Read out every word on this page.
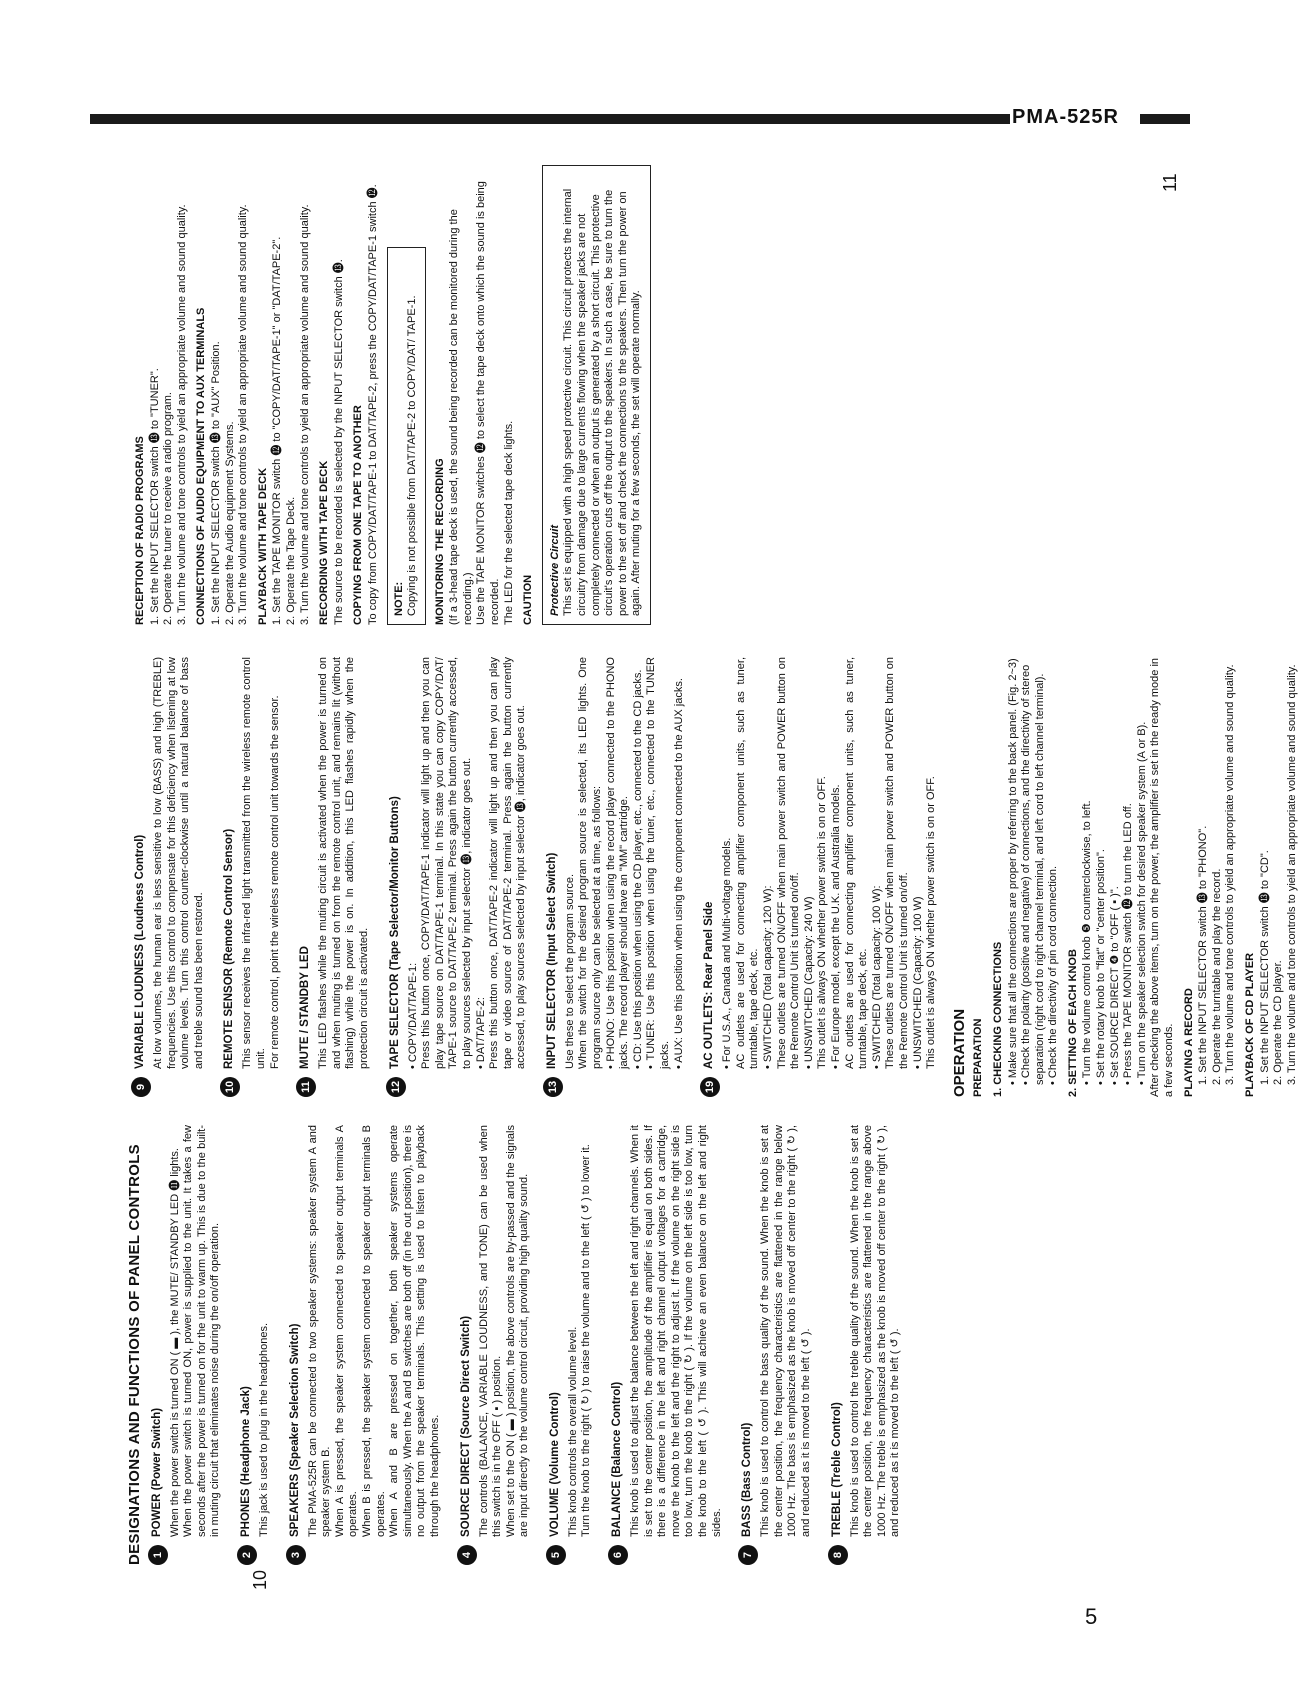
PMA-525R
10
11
5
DESIGNATIONS AND FUNCTIONS OF PANEL CONTROLS 1POWER (Power Switch) When the power switch is turned ON ( ▬ ), the MUTE/ STANDBY LED ⓫ lights. When the power switch is turned ON, power is supplied to the unit. It takes a few seconds after the power is turned on for the unit to warm up. This is due to the built-in muting circuit that eliminates noise during the on/off operation.

2PHONES (Headphone Jack) This jack is used to plug in the headphones.

3SPEAKERS (Speaker Selection Switch) The PMA-525R can be connected to two speaker systems: speaker system A and speaker system B. When A is pressed, the speaker system connected to speaker output terminals A operates. When B is pressed, the speaker system connected to speaker output terminals B operates. When A and B are pressed on together, both speaker systems operate simultaneously. When the A and B switches are both off (in the out position), there is no output from the speaker terminals. This setting is used to listen to playback through the headphones.

4SOURCE DIRECT (Source Direct Switch) The controls (BALANCE, VARIABLE LOUDNESS, and TONE) can be used when this switch is in the OFF ( ▪ ) position. When set to the ON ( ▬ ) position, the above controls are by-passed and the signals are input directly to the volume control circuit, providing high quality sound.

5VOLUME (Volume Control) This knob controls the overall volume level. Turn the knob to the right ( ↻ ) to raise the volume and to the left ( ↺ ) to lower it.

6BALANCE (Balance Control) This knob is used to adjust the balance between the left and right channels. When it is set to the center position, the amplitude of the amplifier is equal on both sides. If there is a difference in the left and right channel output voltages for a cartridge, move the knob to the left and the right to adjust it. If the volume on the right side is too low, turn the knob to the right ( ↻ ). If the volume on the left side is too low, turn the knob to the left ( ↺ ). This will achieve an even balance on the left and right sides.

7BASS (Bass Control) This knob is used to control the bass quality of the sound. When the knob is set at the center position, the frequency characteristics are flattened in the range below 1000 Hz. The bass is emphasized as the knob is moved off center to the right ( ↻ ), and reduced as it is moved to the left ( ↺ ).

8TREBLE (Treble Control) This knob is used to control the treble quality of the sound. When the knob is set at the center position, the frequency characteristics are flattened in the range above 1000 Hz. The treble is emphasized as the knob is moved off center to the right ( ↻ ), and reduced as it is moved to the left ( ↺ ).

9VARIABLE LOUDNESS (Loudness Control) At low volumes, the human ear is less sensitive to low (BASS) and high (TREBLE) frequencies. Use this control to compensate for this deficiency when listening at low volume levels. Turn this control counter-clockwise until a natural balance of bass and treble sound has been restored.

10REMOTE SENSOR (Remote Control Sensor) This sensor receives the infra-red light transmitted from the wireless remote control unit. For remote control, point the wireless remote control unit towards the sensor.

11MUTE / STANDBY LED This LED flashes while the muting circuit is activated when the power is turned on and when muting is turned on from the remote control unit, and remains lit (without flashing) while the power is on. In addition, this LED flashes rapidly when the protection circuit is activated.

12TAPE SELECTOR (Tape Selector/Monitor Buttons) • COPY/DAT/TAPE-1: Press this button once, COPY/DAT/TAPE-1 indicator will light up and then you can play tape source on DAT/TAPE-1 terminal. In this state you can copy COPY/DAT/ TAPE-1 source to DAT/TAPE-2 terminal. Press again the button currently accessed, to play sources selected by input selector ⓭, indicator goes out. • DAT/TAPE-2: Press this button once, DAT/TAPE-2 indicator will light up and then you can play tape or video source of DAT/TAPE-2 terminal. Press again the button currently accessed, to play sources selected by input selector ⓭, indicator goes out.

13INPUT SELECTOR (Input Select Switch) Use these to select the program source. When the switch for the desired program source is selected, its LED lights. One program source only can be selected at a time, as follows: • PHONO: Use this position when using the record player connected to the PHONO jacks. The record player should have an "MM" cartridge. • CD: Use this position when using the CD player, etc., connected to the CD jacks. • TUNER: Use this position when using the tuner, etc., connected to the TUNER jacks. • AUX: Use this position when using the component connected to the AUX jacks.

19AC OUTLETS: Rear Panel Side • For U.S.A., Canada and Multi-voltage models. AC outlets are used for connecting amplifier component units, such as tuner, turntable, tape deck, etc. • SWITCHED (Total capacity: 120 W): These outlets are turned ON/OFF when main power switch and POWER button on the Remote Control Unit is turned on/off. • UNSWITCHED (Capacity: 240 W) This outlet is always ON whether power switch is on or OFF. • For Europe model, except the U.K. and Australia models. AC outlets are used for connecting amplifier component units, such as tuner, turntable, tape deck, etc. • SWITCHED (Total capacity: 100 W): These outlets are turned ON/OFF when main power switch and POWER button on the Remote Control Unit is turned on/off. • UNSWITCHED (Capacity: 100 W) This outlet is always ON whether power switch is on or OFF. OPERATION PREPARATION 1. CHECKING CONNECTIONS • Make sure that all the connections are proper by referring to the back panel. (Fig. 2~3) • Check the polarity (positive and negative) of connections, and the directivity of stereo separation (right cord to right channel terminal, and left cord to left channel terminal). • Check the directivity of pin cord connection. 2. SETTING OF EACH KNOB • Turn the volume control knob ❺ counterclockwise, to left. • Set the rotary knob to "flat" or "center position". • Set SOURCE DIRECT ❹ to "OFF ( ▪ )". • Press the TAPE MONITOR switch ⓬ to turn the LED off. • Turn on the speaker selection switch for desired speaker system (A or B). After checking the above items, turn on the power, the amplifier is set in the ready mode in a few seconds. PLAYING A RECORD 1. Set the INPUT SELECTOR switch ⓭ to "PHONO". 2. Operate the turntable and play the record. 3. Turn the volume and tone controls to yield an appropriate volume and sound quality. PLAYBACK OF CD PLAYER 1. Set the INPUT SELECTOR switch ⓭ to "CD". 2. Operate the CD player. 3. Turn the volume and tone controls to yield an appropriate volume and sound quality.
RECEPTION OF RADIO PROGRAMS 1. Set the INPUT SELECTOR switch ⓭ to "TUNER". 2. Operate the tuner to receive a radio program. 3. Turn the volume and tone controls to yield an appropriate volume and sound quality. CONNECTIONS OF AUDIO EQUIPMENT TO AUX TERMINALS 1. Set the INPUT SELECTOR switch ⓭ to "AUX" Position. 2. Operate the Audio equipment Systems. 3. Turn the volume and tone controls to yield an appropriate volume and sound quality. PLAYBACK WITH TAPE DECK 1. Set the TAPE MONITOR switch ⓬ to "COPY/DAT/TAPE-1" or "DAT/TAPE-2". 2. Operate the Tape Deck. 3. Turn the volume and tone controls to yield an appropriate volume and sound quality. RECORDING WITH TAPE DECK The source to be recorded is selected by the INPUT SELECTOR switch ⓭. COPYING FROM ONE TAPE TO ANOTHER To copy from COPY/DAT/TAPE-1 to DAT/TAPE-2, press the COPY/DAT/TAPE-1 switch ⓬. NOTE: Copying is not possible from DAT/TAPE-2 to COPY/DAT/ TAPE-1. MONITORING THE RECORDING (If a 3-head tape deck is used, the sound being recorded can be monitored during the recording.) Use the TAPE MONITOR switches ⓬ to select the tape deck onto which the sound is being recorded. The LED for the selected tape deck lights. CAUTION Protective Circuit This set is equipped with a high speed protective circuit. This circuit protects the internal circuitry from damage due to large currents flowing when the speaker jacks are not completely connected or when an output is generated by a short circuit. This protective circuit's operation cuts off the output to the speakers. In such a case, be sure to turn the power to the set off and check the connections to the speakers. Then turn the power on again. After muting for a few seconds, the set will operate normally.
